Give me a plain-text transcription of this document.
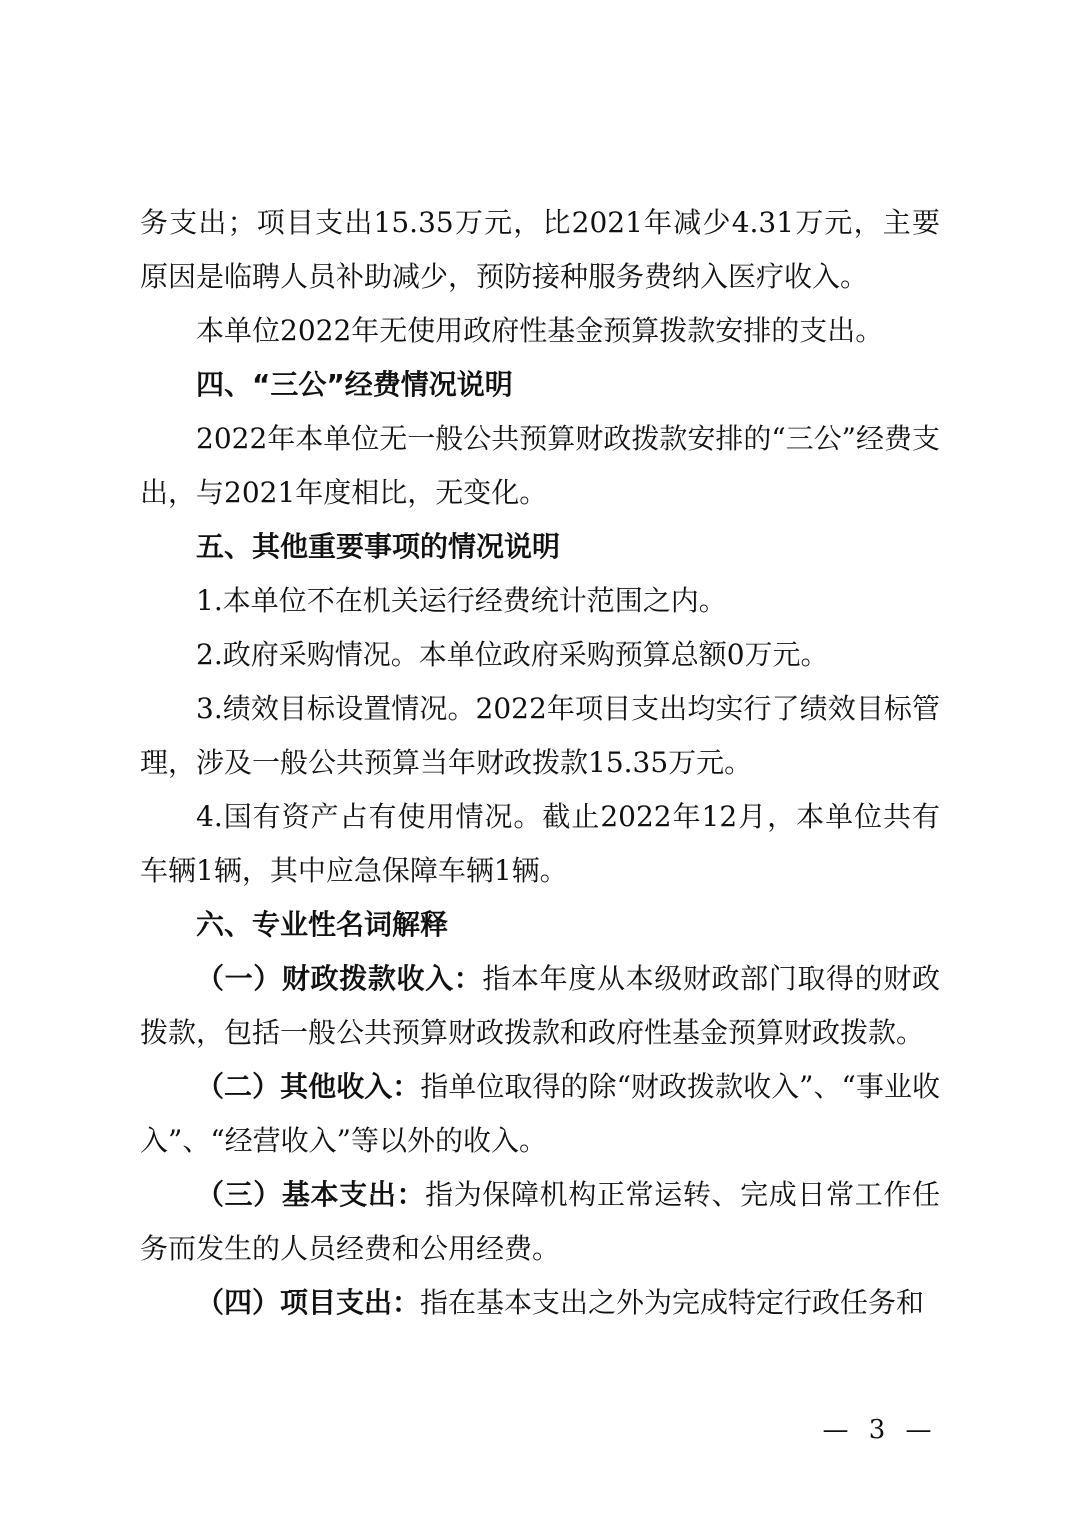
务支出；项目支出15.35万元，比2021年减少4.31万元，主要原因是临聘人员补助减少，预防接种服务费纳入医疗收入。

本单位2022年无使用政府性基金预算拨款安排的支出。

四、“三公”经费情况说明

2022年本单位无一般公共预算财政拨款安排的“三公”经费支出，与2021年度相比，无变化。

五、其他重要事项的情况说明

1.本单位不在机关运行经费统计范围之内。

2.政府采购情况。本单位政府采购预算总额0万元。

3.绩效目标设置情况。2022年项目支出均实行了绩效目标管理，涉及一般公共预算当年财政拨款15.35万元。

4.国有资产占有使用情况。截止2022年12月，本单位共有车辆1辆，其中应急保障车辆1辆。

六、专业性名词解释

（一）财政拨款收入：指本年度从本级财政部门取得的财政拨款，包括一般公共预算财政拨款和政府性基金预算财政拨款。

（二）其他收入：指单位取得的除“财政拨款收入”、“事业收入”、“经营收入”等以外的收入。

（三）基本支出：指为保障机构正常运转、完成日常工作任务而发生的人员经费和公用经费。

（四）项目支出：指在基本支出之外为完成特定行政任务和

— 3 —
